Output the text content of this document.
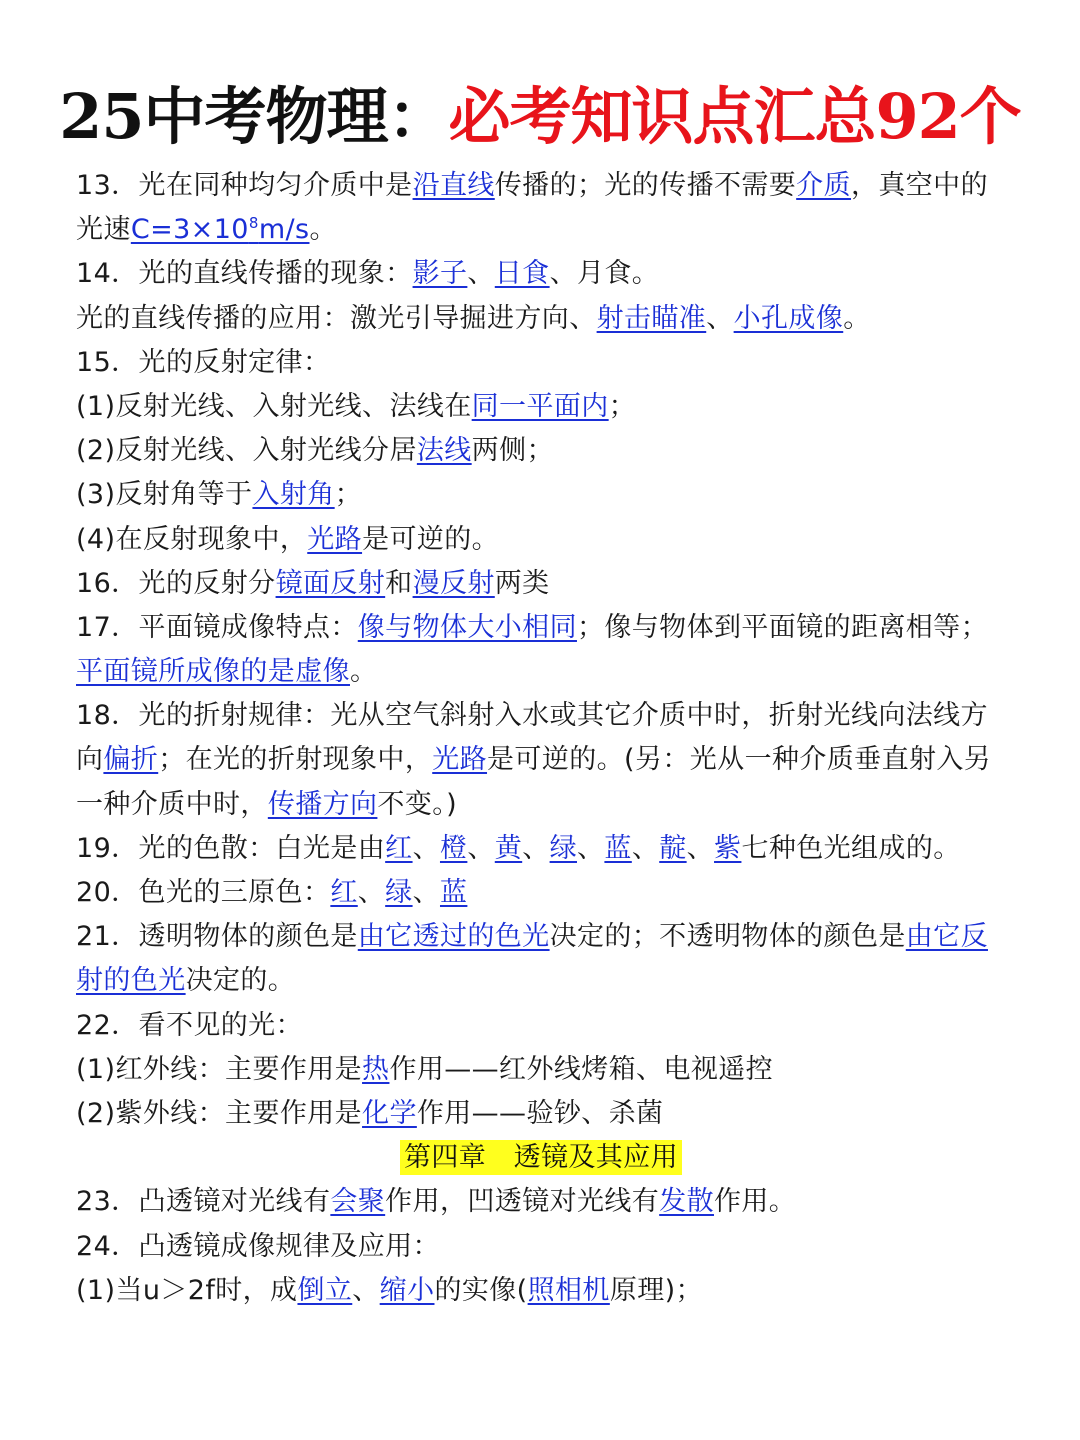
25中考物理：必考知识点汇总92个
13．光在同种均匀介质中是沿直线传播的；光的传播不需要介质，真空中的
光速$C=3\times 10^8m/s$。
14．光的直线传播的现象：影子、日食、月食。
光的直线传播的应用：激光引导掘进方向、射击瞄准、小孔成像。
15．光的反射定律：
(1)反射光线、入射光线、法线在同一平面内；
(2)反射光线、入射光线分居法线两侧；
(3)反射角等于入射角；
(4)在反射现象中，光路是可逆的。
16．光的反射分镜面反射和漫反射两类
17．平面镜成像特点：像与物体大小相同；像与物体到平面镜的距离相等；
平面镜所成像的是虚像。
18．光的折射规律：光从空气斜射入水或其它介质中时，折射光线向法线方
向偏折；在光的折射现象中，光路是可逆的。(另：光从一种介质垂直射入另
一种介质中时，传播方向不变。)
19．光的色散：白光是由红、橙、黄、绿、蓝、靛、紫七种色光组成的。
20．色光的三原色：红、绿、蓝
21．透明物体的颜色是由它透过的色光决定的；不透明物体的颜色是由它反
射的色光决定的。
22．看不见的光：
(1)红外线：主要作用是热作用——红外线烤箱、电视遥控
(2)紫外线：主要作用是化学作用——验钞、杀菌
第四章　透镜及其应用
23．凸透镜对光线有会聚作用，凹透镜对光线有发散作用。
24．凸透镜成像规律及应用：
(1)当u＞2f时，成倒立、缩小的实像(照相机原理)；
